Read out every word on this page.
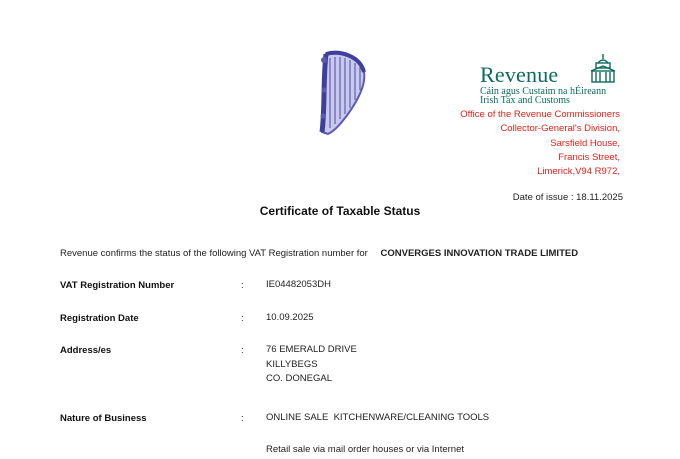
Revenue
Cáin agus Custaim na hÉireann
Irish Tax and Customs
Office of the Revenue Commissioners
Collector-General's Division,
Sarsfield House,
Francis Street,
Limerick,V94 R972,
Date of issue : 18.11.2025
Certificate of Taxable Status
Revenue confirms the status of the following VAT Registration number for CONVERGES INNOVATION TRADE LIMITED
VAT Registration Number	: IE04482053DH
Registration Date	: 10.09.2025
Address/es	: 76 EMERALD DRIVE
KILLYBEGS
CO. DONEGAL
Nature of Business	: ONLINE SALE  KITCHENWARE/CLEANING TOOLS
Retail sale via mail order houses or via Internet
